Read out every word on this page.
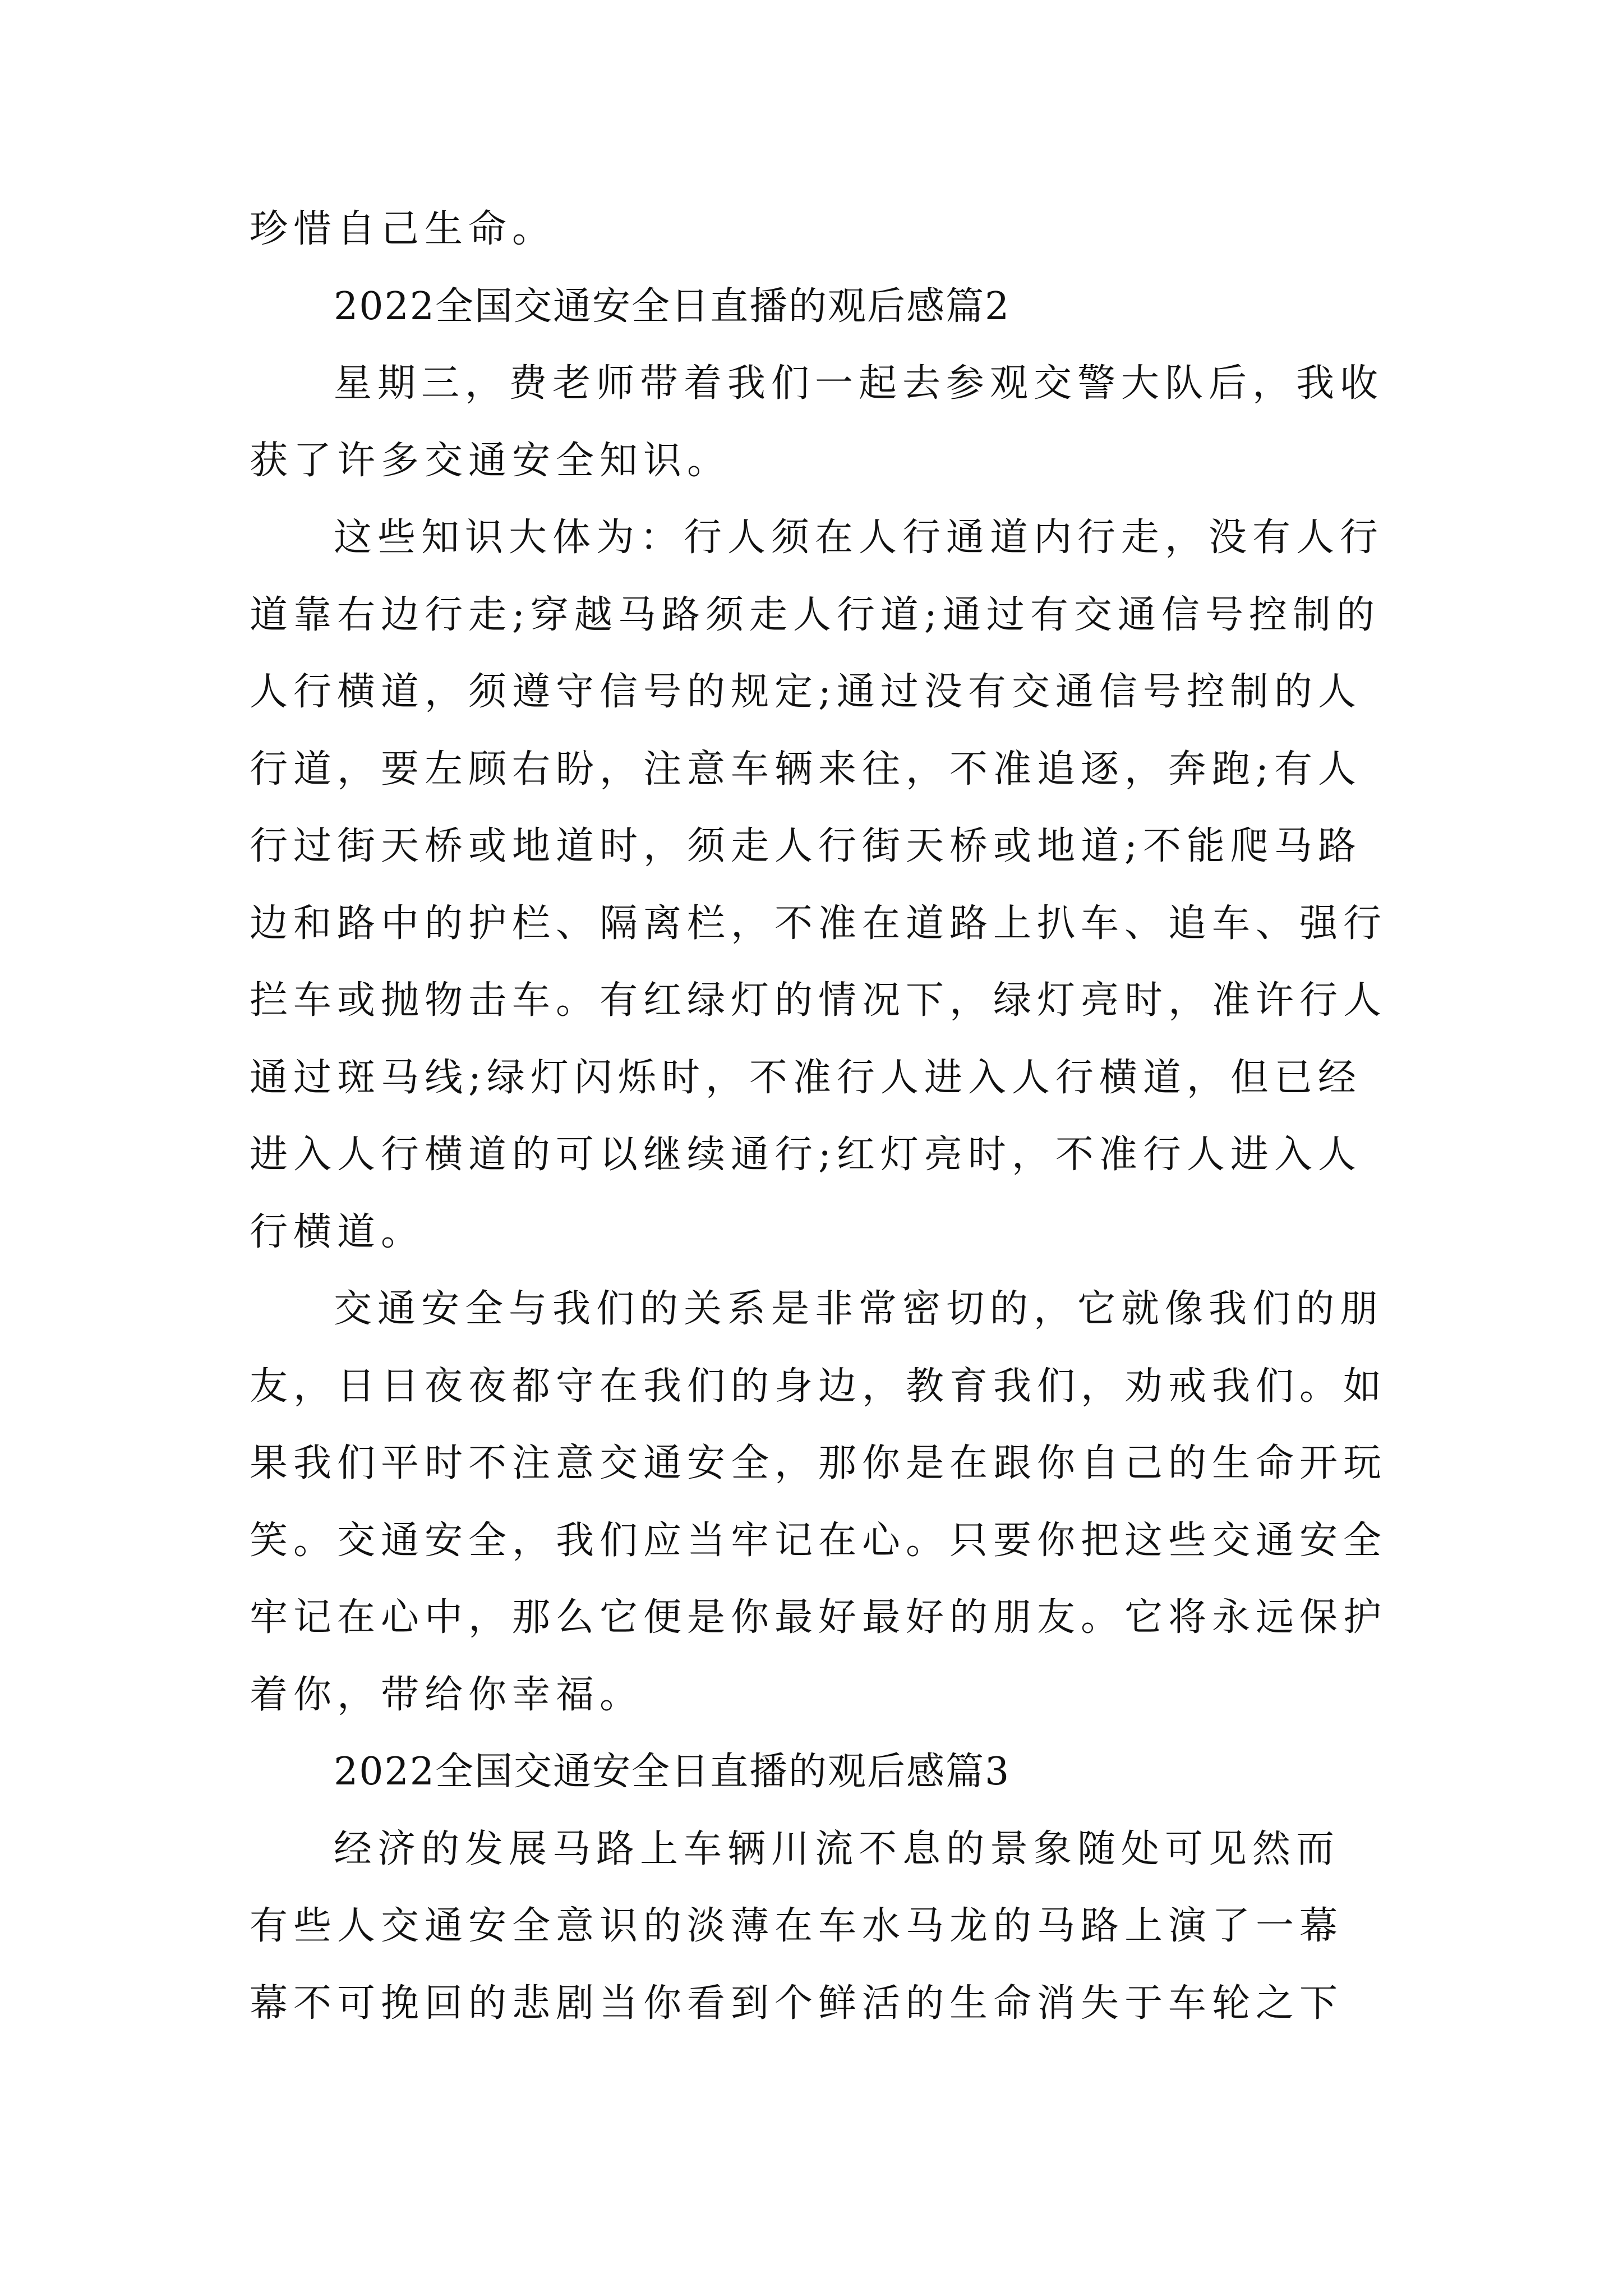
珍惜自己生命。
2022全国交通安全日直播的观后感篇2
星期三，费老师带着我们一起去参观交警大队后，我收
获了许多交通安全知识。
这些知识大体为：行人须在人行通道内行走，没有人行
道靠右边行走;穿越马路须走人行道;通过有交通信号控制的
人行横道，须遵守信号的规定;通过没有交通信号控制的人
行道，要左顾右盼，注意车辆来往，不准追逐，奔跑;有人
行过街天桥或地道时，须走人行街天桥或地道;不能爬马路
边和路中的护栏、隔离栏，不准在道路上扒车、追车、强行
拦车或抛物击车。有红绿灯的情况下，绿灯亮时，准许行人
通过斑马线;绿灯闪烁时，不准行人进入人行横道，但已经
进入人行横道的可以继续通行;红灯亮时，不准行人进入人
行横道。
交通安全与我们的关系是非常密切的，它就像我们的朋
友，日日夜夜都守在我们的身边，教育我们，劝戒我们。如
果我们平时不注意交通安全，那你是在跟你自己的生命开玩
笑。交通安全，我们应当牢记在心。只要你把这些交通安全
牢记在心中，那么它便是你最好最好的朋友。它将永远保护
着你，带给你幸福。
2022全国交通安全日直播的观后感篇3
经济的发展马路上车辆川流不息的景象随处可见然而
有些人交通安全意识的淡薄在车水马龙的马路上演了一幕
幕不可挽回的悲剧当你看到个鲜活的生命消失于车轮之下
